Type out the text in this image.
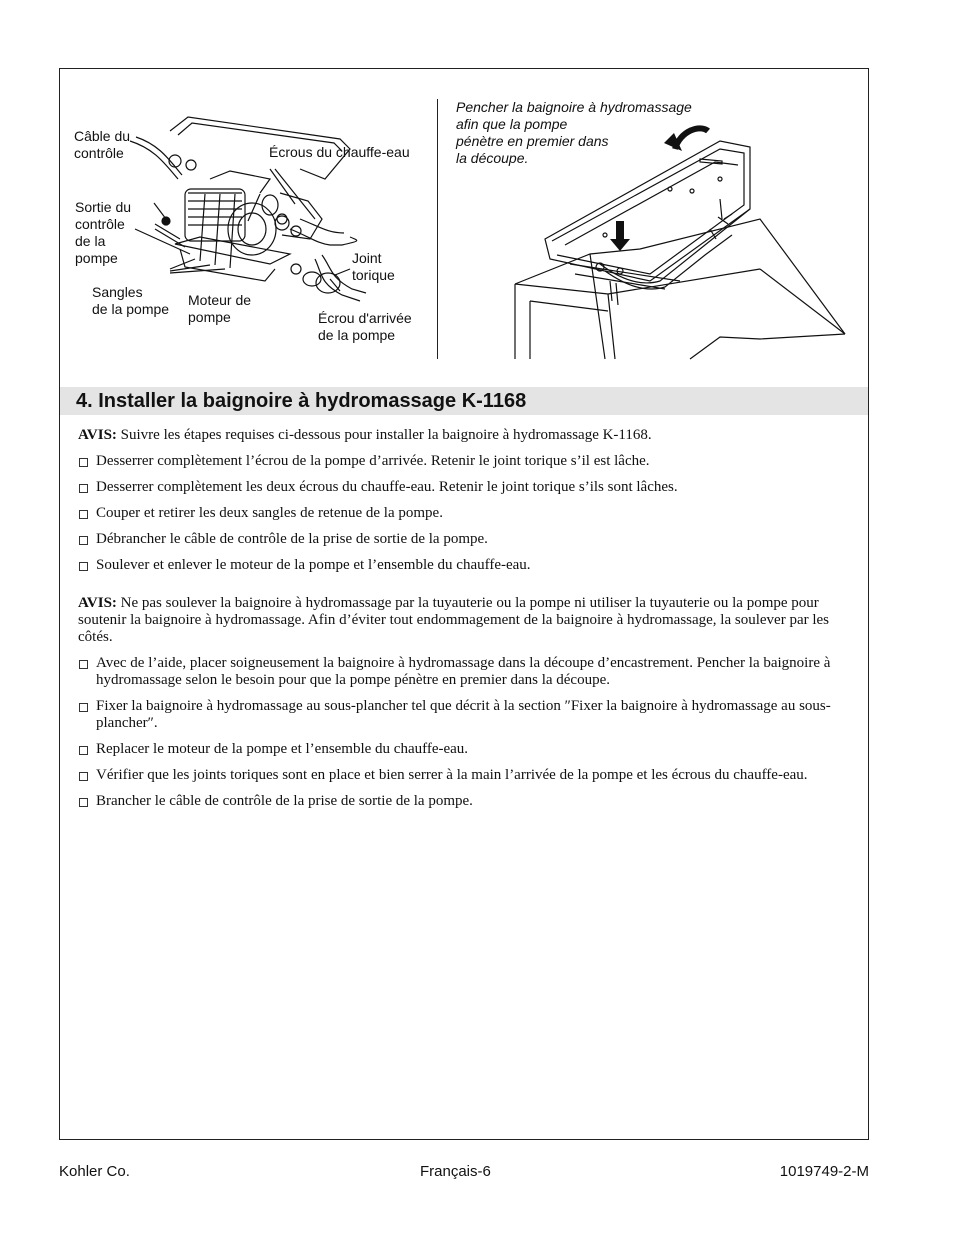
Câble du
contrôle	Écrous du chauffe-eau
Sortie du
contrôle
de la
pompe	Joint
torique
Sangles
de la pompe
Moteur de
pompe	Écrou d'arrivée
de la pompe
Pencher la baignoire à hydromassage
afin que la pompe
pénètre en premier dans
la découpe.
4. Installer la baignoire à hydromassage K-1168

AVIS: Suivre les étapes requises ci-dessous pour installer la baignoire à hydromassage K-1168.

Desserrer complètement l’écrou de la pompe d’arrivée. Retenir le joint torique s’il est lâche.
Desserrer complètement les deux écrous du chauffe-eau. Retenir le joint torique s’ils sont lâches.
Couper et retirer les deux sangles de retenue de la pompe.
Débrancher le câble de contrôle de la prise de sortie de la pompe.
Soulever et enlever le moteur de la pompe et l’ensemble du chauffe-eau.

AVIS: Ne pas soulever la baignoire à hydromassage par la tuyauterie ou la pompe ni utiliser la tuyauterie ou la pompe pour soutenir la baignoire à hydromassage. Afin d’éviter tout endommagement de la baignoire à hydromassage, la soulever par les côtés.

Avec de l’aide, placer soigneusement la baignoire à hydromassage dans la découpe d’encastrement. Pencher la baignoire à hydromassage selon le besoin pour que la pompe pénètre en premier dans la découpe.
Fixer la baignoire à hydromassage au sous-plancher tel que décrit à la section ″Fixer la baignoire à hydromassage au sous-plancher″.
Replacer le moteur de la pompe et l’ensemble du chauffe-eau.
Vérifier que les joints toriques sont en place et bien serrer à la main l’arrivée de la pompe et les écrous du chauffe-eau.
Brancher le câble de contrôle de la prise de sortie de la pompe.
Kohler Co.	Français-6	1019749-2-M
